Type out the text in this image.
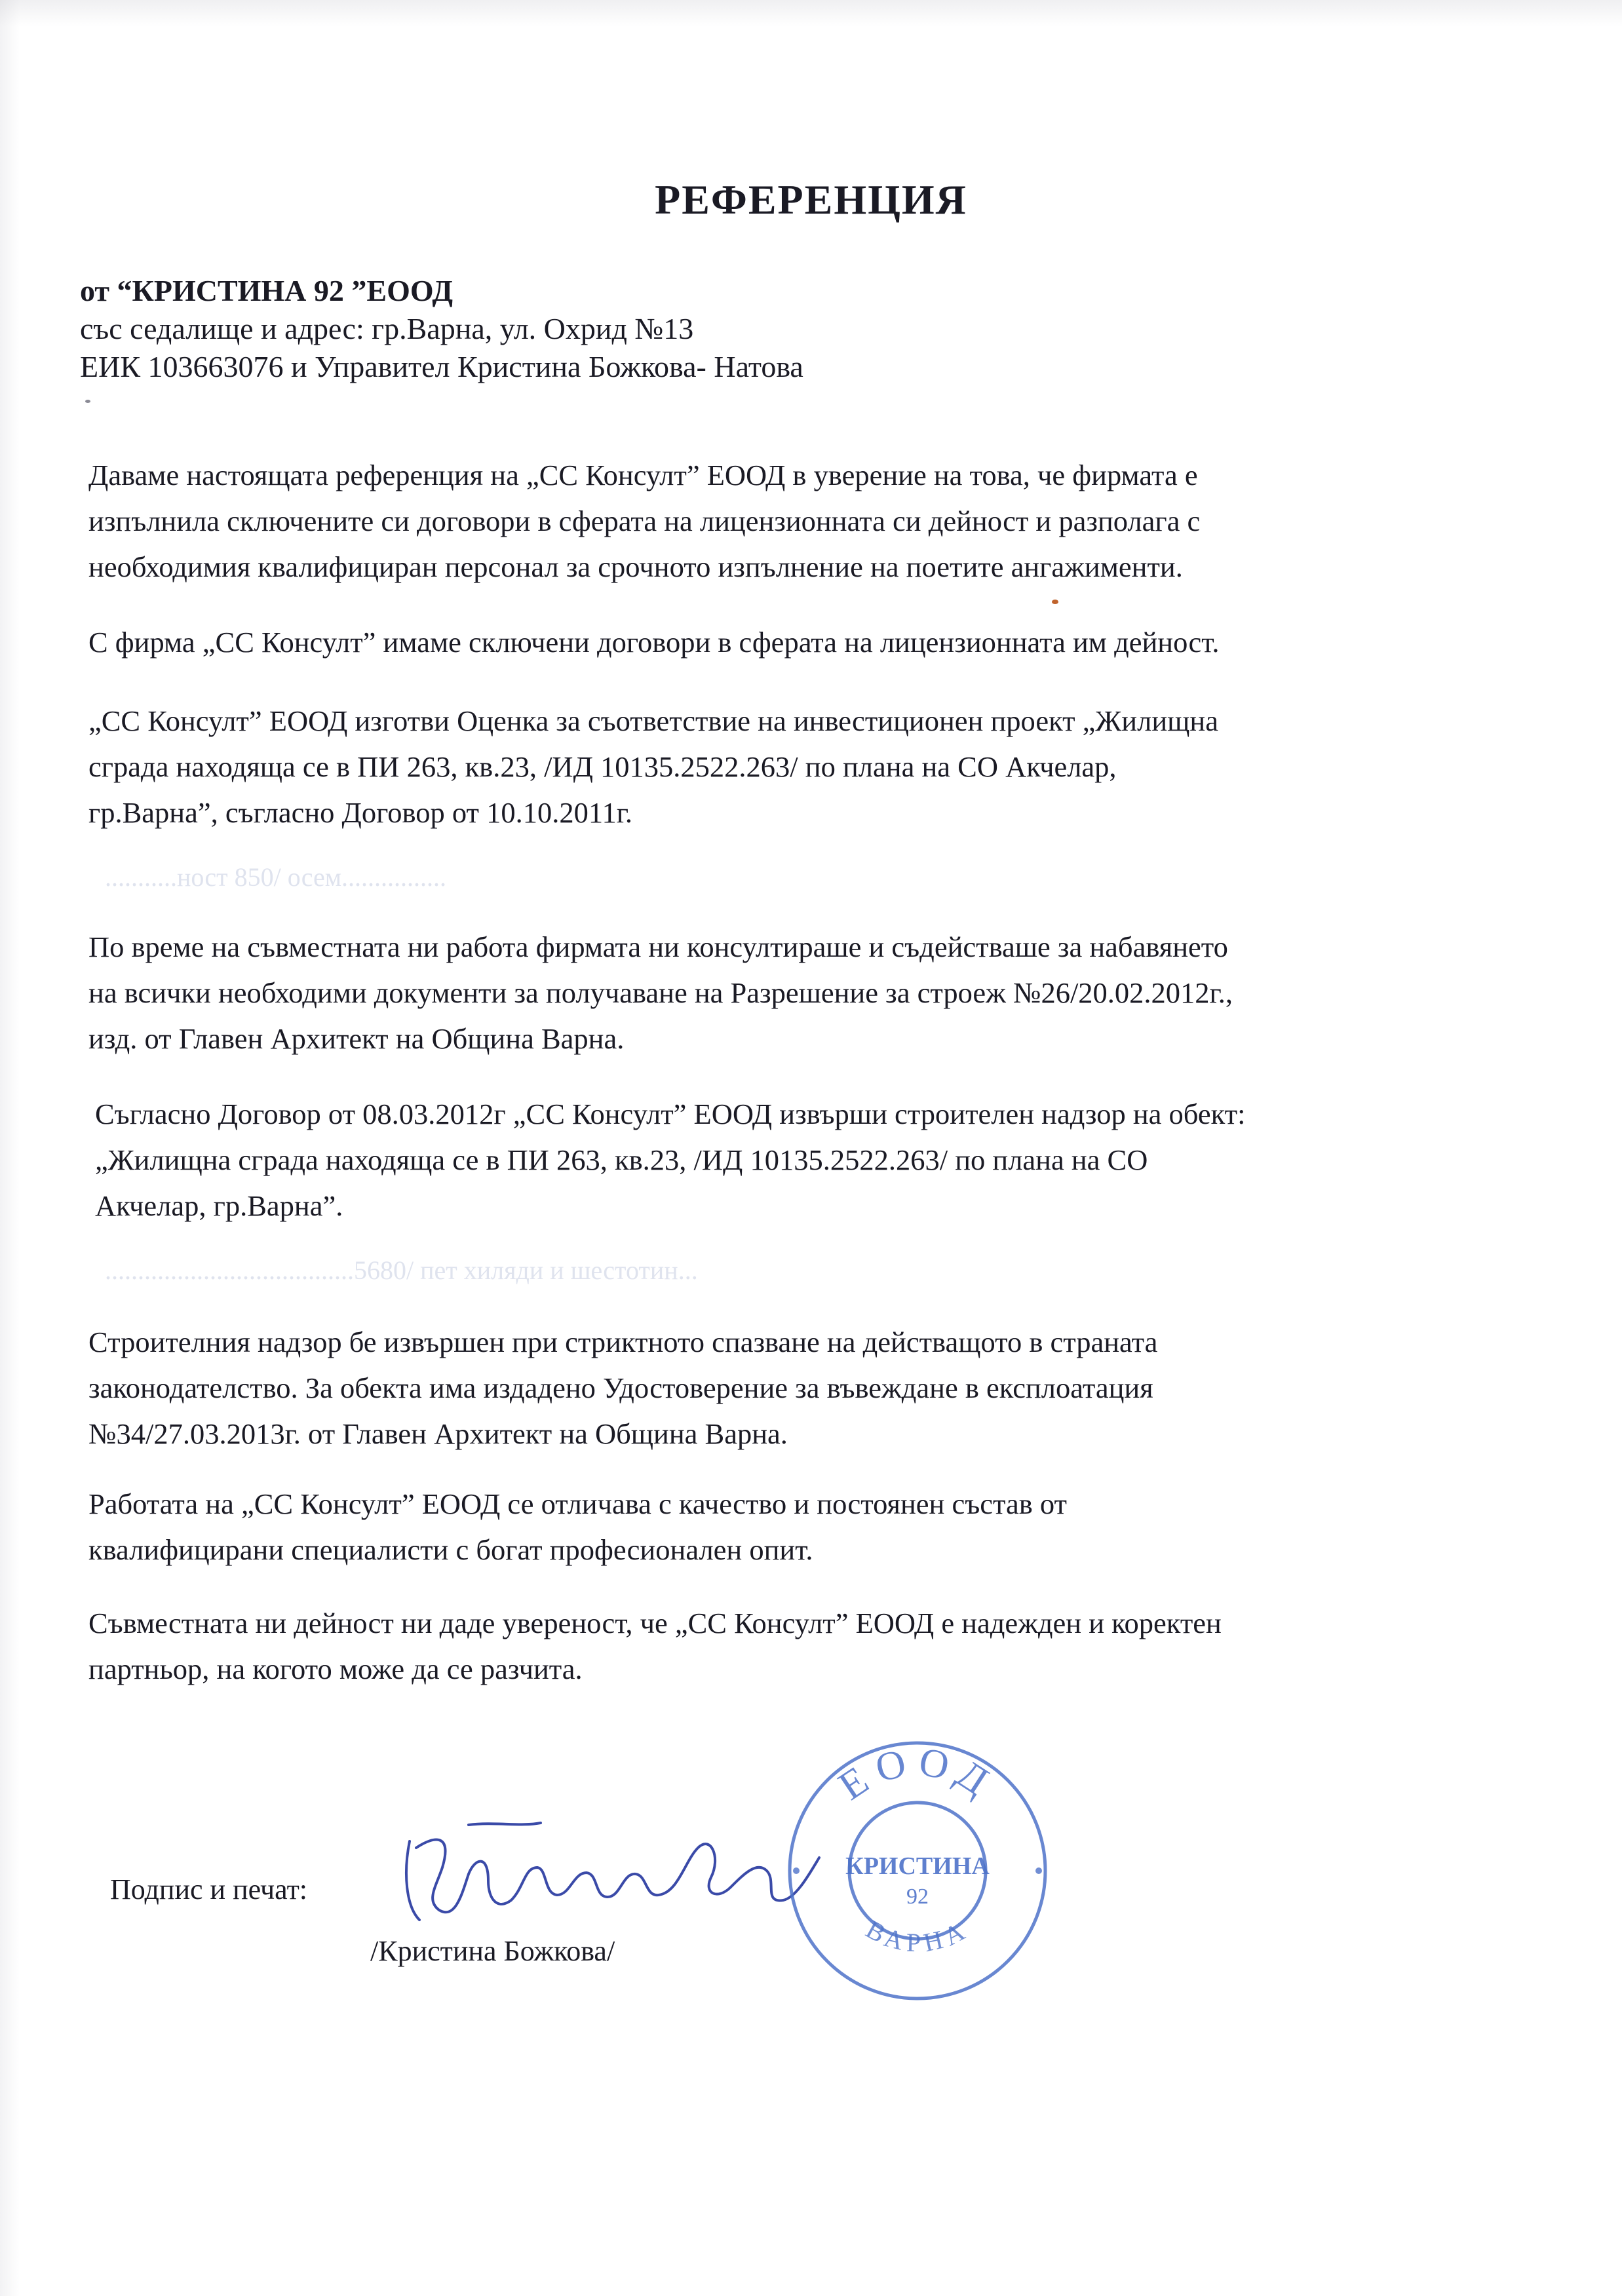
РЕФЕРЕНЦИЯ
от “КРИСТИНА 92 ”ЕООД
със седалище и адрес: гр.Варна, ул. Охрид №13
ЕИК 103663076 и Управител Кристина Божкова- Натова
Даваме настоящата референция на „СС Консулт” ЕООД в уверение на това, че фирмата е
изпълнила сключените си договори в сферата на лицензионната си дейност и разполага с
необходимия квалифициран персонал за срочното изпълнение на поетите ангажименти.
С фирма „СС Консулт” имаме сключени договори в сферата на лицензионната им дейност.
„СС Консулт” ЕООД изготви Оценка за съответствие на инвестиционен проект „Жилищна
сграда находяща се в ПИ 263, кв.23, /ИД 10135.2522.263/ по плана на СО Акчелар,
гр.Варна”, съгласно Договор от 10.10.2011г.
...........ност 850/ осем................
По време на съвместната ни работа фирмата ни консултираше и съдействаше за набавянето
на всички необходими документи за получаване на Разрешение за строеж №26/20.02.2012г.,
изд. от Главен Архитект на Община Варна.
Съгласно Договор от 08.03.2012г „СС Консулт” ЕООД извърши строителен надзор на обект:
„Жилищна сграда находяща се в ПИ 263, кв.23, /ИД 10135.2522.263/ по плана на СО
Акчелар, гр.Варна”.
......................................5680/ пет хиляди и шестотин...
Строителния надзор бе извършен при стриктното спазване на действащото в страната
законодателство. За обекта има издадено Удостоверение за въвеждане в експлоатация
№34/27.03.2013г. от Главен Архитект на Община Варна.
Работата на „СС Консулт” ЕООД се отличава с качество и постоянен състав от
квалифицирани специалисти с богат професионален опит.
Съвместната ни дейност ни даде увереност, че „СС Консулт” ЕООД е надежден и коректен
партньор, на когото може да се разчита.
Подпис и печат:
/Кристина Божкова/
ЕООД
ВАРНА
КРИСТИНА
92
